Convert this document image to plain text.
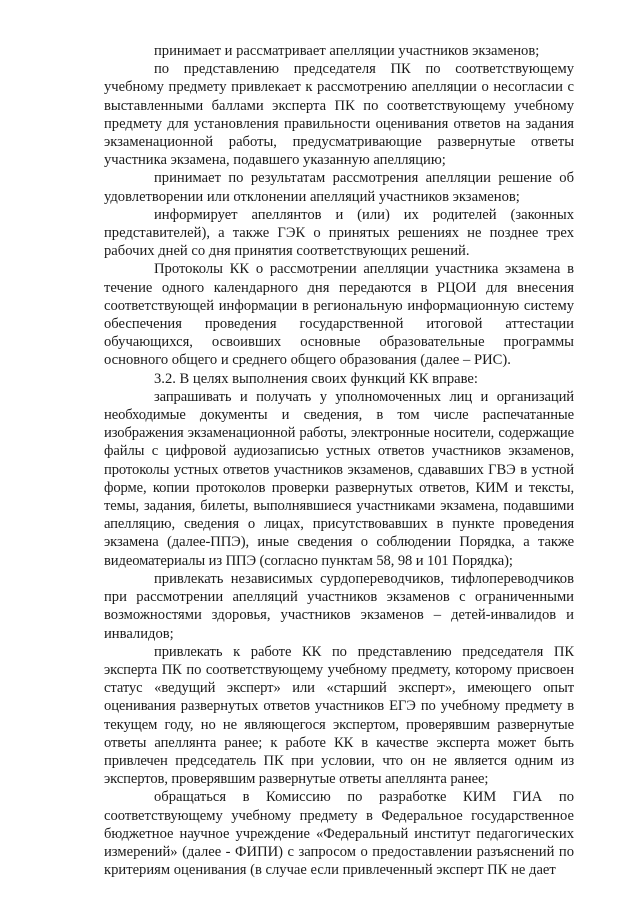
принимает и рассматривает апелляции участников экзаменов;

по представлению председателя ПК по соответствующему учебному предмету привлекает к рассмотрению апелляции о несогласии с выставленными баллами эксперта ПК по соответствующему учебному предмету для установления правильности оценивания ответов на задания экзаменационной работы, предусматривающие развернутые ответы участника экзамена, подавшего указанную апелляцию;

принимает по результатам рассмотрения апелляции решение об удовлетворении или отклонении апелляций участников экзаменов;

информирует апеллянтов и (или) их родителей (законных представителей), а также ГЭК о принятых решениях не позднее трех рабочих дней со дня принятия соответствующих решений.

Протоколы КК о рассмотрении апелляции участника экзамена в течение одного календарного дня передаются в РЦОИ для внесения соответствующей информации в региональную информационную систему обеспечения проведения государственной итоговой аттестации обучающихся, освоивших основные образовательные программы основного общего и среднего общего образования (далее – РИС).

3.2. В целях выполнения своих функций КК вправе:

запрашивать и получать у уполномоченных лиц и организаций необходимые документы и сведения, в том числе распечатанные изображения экзаменационной работы, электронные носители, содержащие файлы с цифровой аудиозаписью устных ответов участников экзаменов, протоколы устных ответов участников экзаменов, сдававших ГВЭ в устной форме, копии протоколов проверки развернутых ответов, КИМ и тексты, темы, задания, билеты, выполнявшиеся участниками экзамена, подавшими апелляцию, сведения о лицах, присутствовавших в пункте проведения экзамена (далее-ППЭ), иные сведения о соблюдении Порядка, а также видеоматериалы из ППЭ (согласно пунктам 58, 98 и 101 Порядка);

привлекать независимых сурдопереводчиков, тифлопереводчиков при рассмотрении апелляций участников экзаменов с ограниченными возможностями здоровья, участников экзаменов – детей-инвалидов и инвалидов;

привлекать к работе КК по представлению председателя ПК эксперта ПК по соответствующему учебному предмету, которому присвоен статус «ведущий эксперт» или «старший эксперт», имеющего опыт оценивания развернутых ответов участников ЕГЭ по учебному предмету в текущем году, но не являющегося экспертом, проверявшим развернутые ответы апеллянта ранее; к работе КК в качестве эксперта может быть привлечен председатель ПК при условии, что он не является одним из экспертов, проверявшим развернутые ответы апеллянта ранее;

обращаться в Комиссию по разработке КИМ ГИА по соответствующему учебному предмету в Федеральное государственное бюджетное научное учреждение «Федеральный институт педагогических измерений» (далее - ФИПИ) с запросом о предоставлении разъяснений по критериям оценивания (в случае если привлеченный эксперт ПК не дает
